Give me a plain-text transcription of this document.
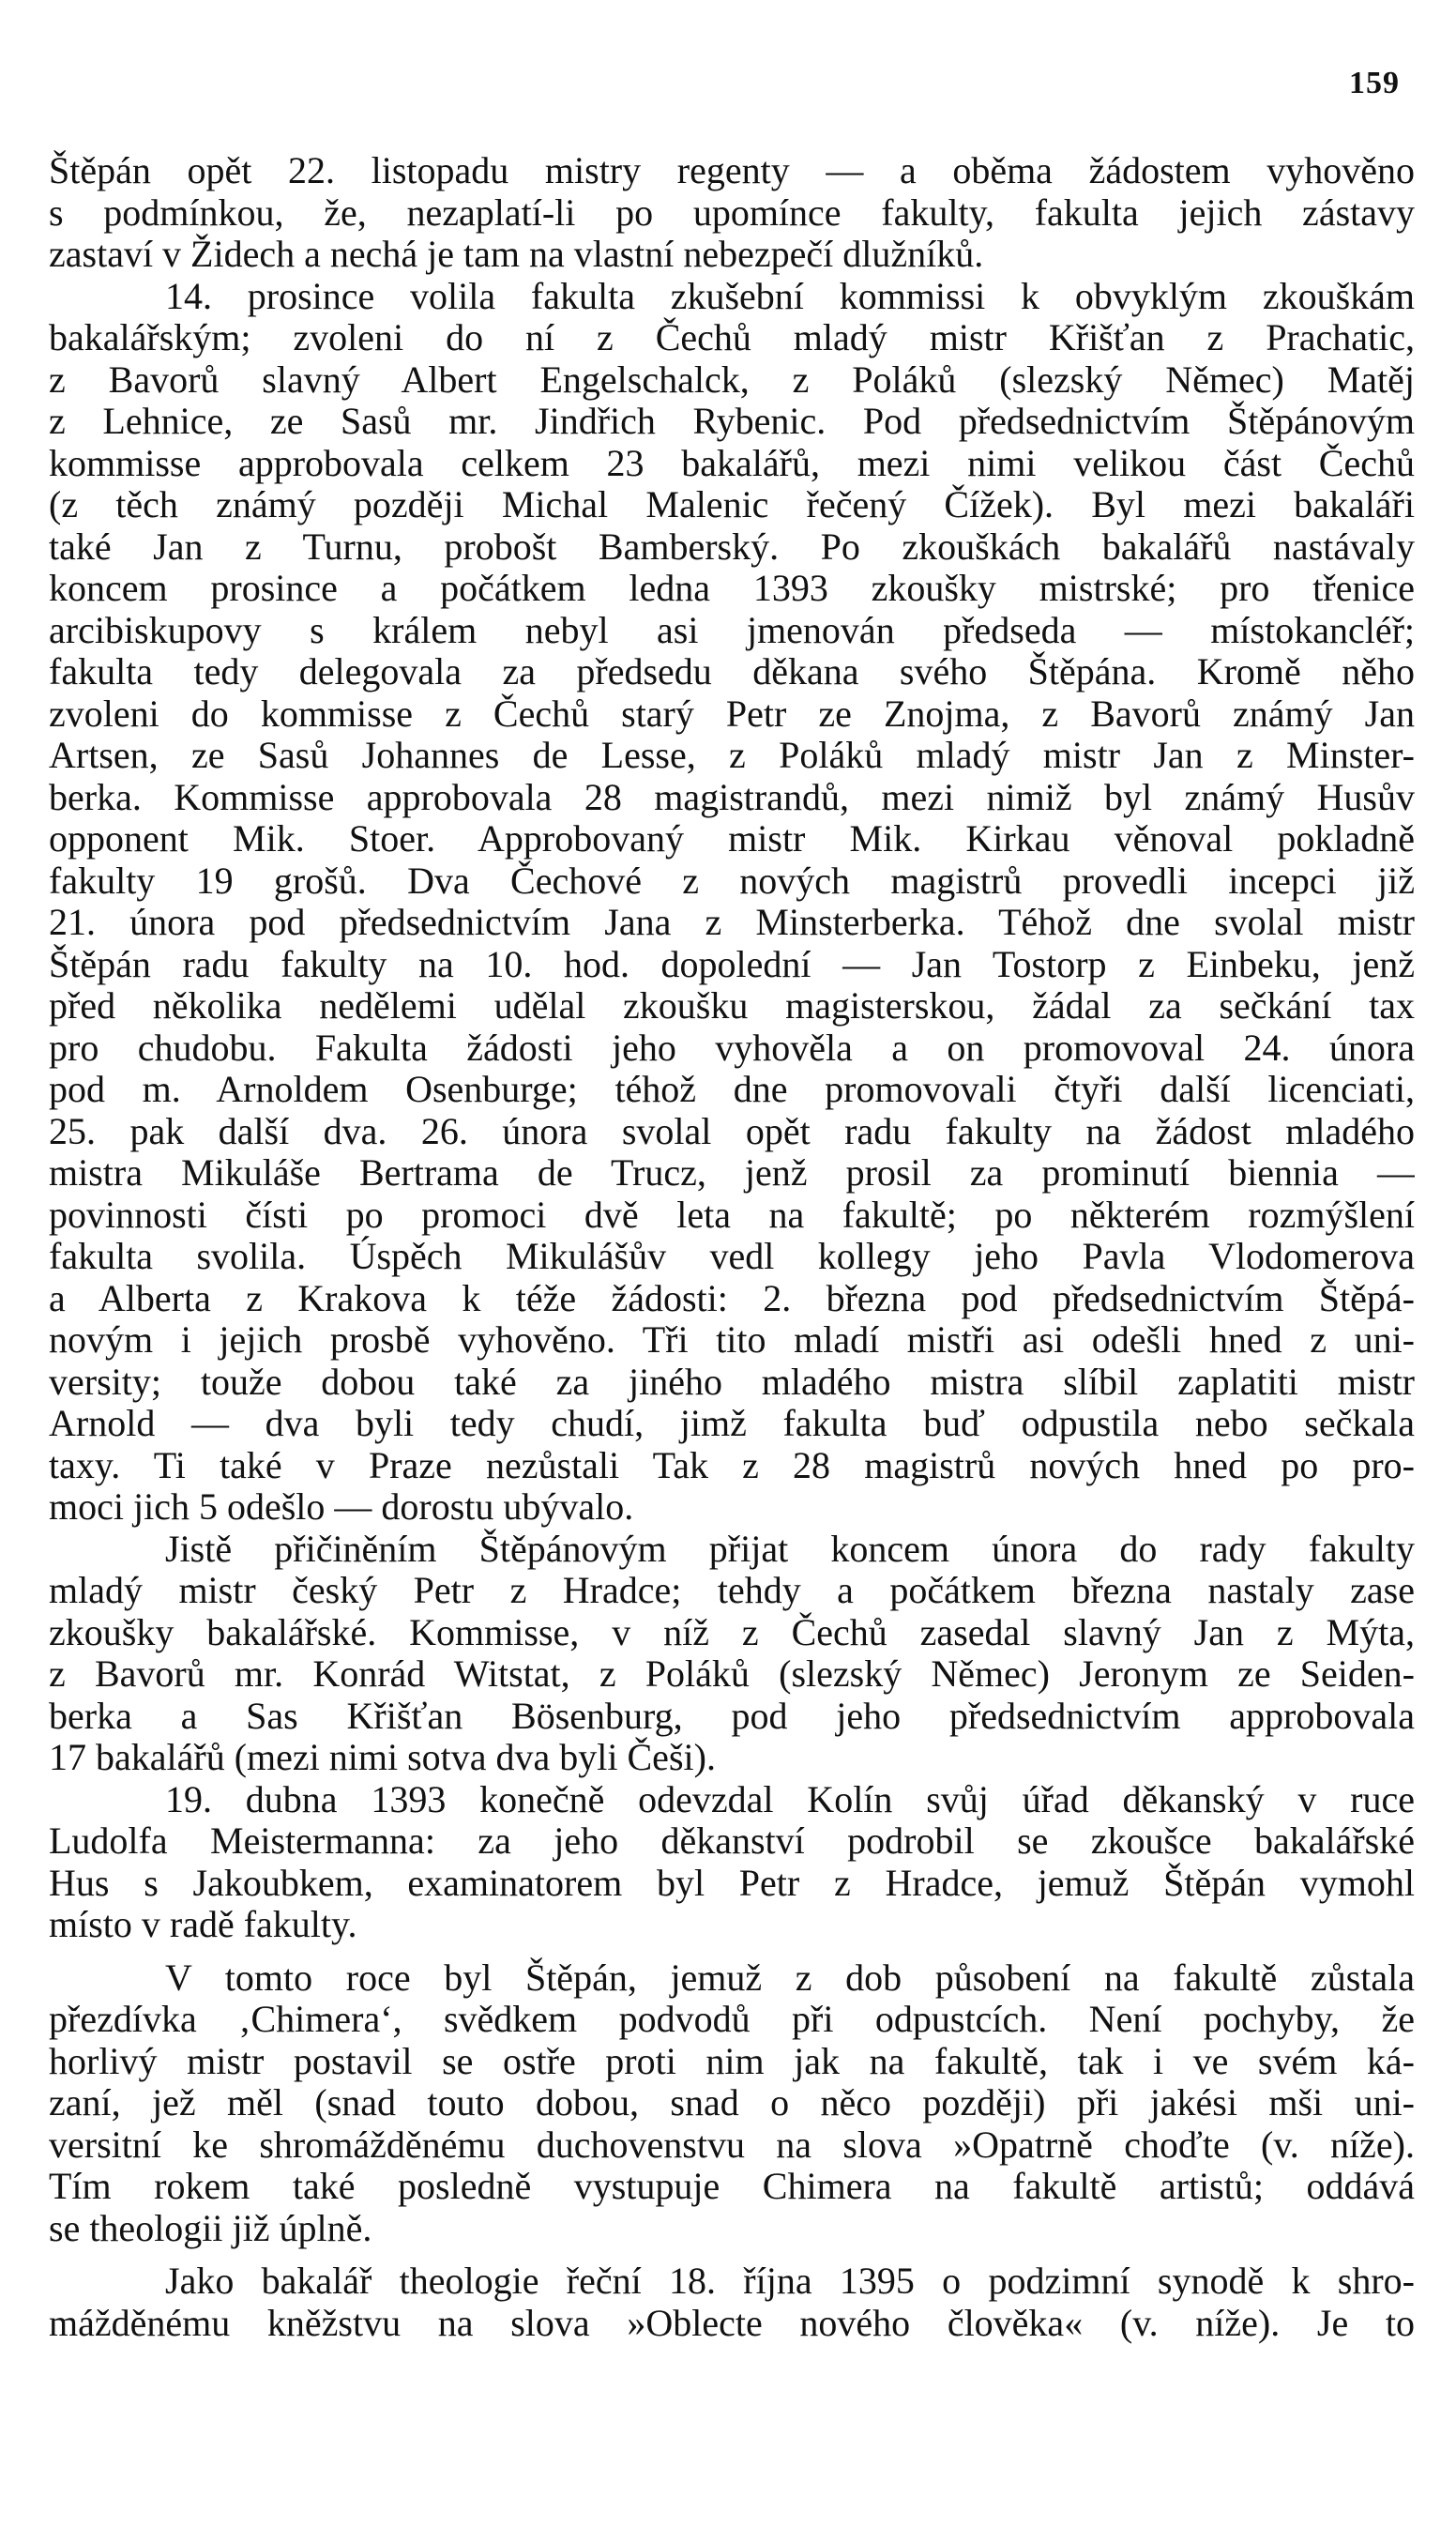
159
Štěpán opět 22. listopadu mistry regenty — a oběma žádostem vyhověno
s podmínkou, že, nezaplatí-li po upomínce fakulty, fakulta jejich zástavy
zastaví v Židech a nechá je tam na vlastní nebezpečí dlužníků.
14. prosince volila fakulta zkušební kommissi k obvyklým zkouškám
bakalářským; zvoleni do ní z Čechů mladý mistr Křišťan z Prachatic,
z Bavorů slavný Albert Engelschalck, z Poláků (slezský Němec) Matěj
z Lehnice, ze Sasů mr. Jindřich Rybenic. Pod předsednictvím Štěpánovým
kommisse approbovala celkem 23 bakalářů, mezi nimi velikou část Čechů
(z těch známý později Michal Malenic řečený Čížek). Byl mezi bakaláři
také Jan z Turnu, probošt Bamberský. Po zkouškách bakalářů nastávaly
koncem prosince a počátkem ledna 1393 zkoušky mistrské; pro třenice
arcibiskupovy s králem nebyl asi jmenován předseda — místokancléř;
fakulta tedy delegovala za předsedu děkana svého Štěpána. Kromě něho
zvoleni do kommisse z Čechů starý Petr ze Znojma, z Bavorů známý Jan
Artsen, ze Sasů Johannes de Lesse, z Poláků mladý mistr Jan z Minster-
berka. Kommisse approbovala 28 magistrandů, mezi nimiž byl známý Husův
opponent Mik. Stoer. Approbovaný mistr Mik. Kirkau věnoval pokladně
fakulty 19 grošů. Dva Čechové z nových magistrů provedli incepci již
21. února pod předsednictvím Jana z Minsterberka. Téhož dne svolal mistr
Štěpán radu fakulty na 10. hod. dopolední — Jan Tostorp z Einbeku, jenž
před několika nedělemi udělal zkoušku magisterskou, žádal za sečkání tax
pro chudobu. Fakulta žádosti jeho vyhověla a on promovoval 24. února
pod m. Arnoldem Osenburge; téhož dne promovovali čtyři další licenciati,
25. pak další dva. 26. února svolal opět radu fakulty na žádost mladého
mistra Mikuláše Bertrama de Trucz, jenž prosil za prominutí biennia —
povinnosti čísti po promoci dvě leta na fakultě; po některém rozmýšlení
fakulta svolila. Úspěch Mikulášův vedl kollegy jeho Pavla Vlodomerova
a Alberta z Krakova k téže žádosti: 2. března pod předsednictvím Štěpá-
novým i jejich prosbě vyhověno. Tři tito mladí mistři asi odešli hned z uni-
versity; touže dobou také za jiného mladého mistra slíbil zaplatiti mistr
Arnold — dva byli tedy chudí, jimž fakulta buď odpustila nebo sečkala
taxy. Ti také v Praze nezůstali Tak z 28 magistrů nových hned po pro-
moci jich 5 odešlo — dorostu ubývalo.
Jistě přičiněním Štěpánovým přijat koncem února do rady fakulty
mladý mistr český Petr z Hradce; tehdy a počátkem března nastaly zase
zkoušky bakalářské. Kommisse, v níž z Čechů zasedal slavný Jan z Mýta,
z Bavorů mr. Konrád Witstat, z Poláků (slezský Němec) Jeronym ze Seiden-
berka a Sas Křišťan Bösenburg, pod jeho předsednictvím approbovala
17 bakalářů (mezi nimi sotva dva byli Češi).
19. dubna 1393 konečně odevzdal Kolín svůj úřad děkanský v ruce
Ludolfa Meistermanna: za jeho děkanství podrobil se zkoušce bakalářské
Hus s Jakoubkem, examinatorem byl Petr z Hradce, jemuž Štěpán vymohl
místo v radě fakulty.
V tomto roce byl Štěpán, jemuž z dob působení na fakultě zůstala
přezdívka ‚Chimera‘, svědkem podvodů při odpustcích. Není pochyby, že
horlivý mistr postavil se ostře proti nim jak na fakultě, tak i ve svém ká-
zaní, jež měl (snad touto dobou, snad o něco později) při jakési mši uni-
versitní ke shromážděnému duchovenstvu na slova »Opatrně choďte (v. níže).
Tím rokem také posledně vystupuje Chimera na fakultě artistů; oddává
se theologii již úplně.
Jako bakalář theologie řeční 18. října 1395 o podzimní synodě k shro-
mážděnému kněžstvu na slova »Oblecte nového člověka« (v. níže). Je to
